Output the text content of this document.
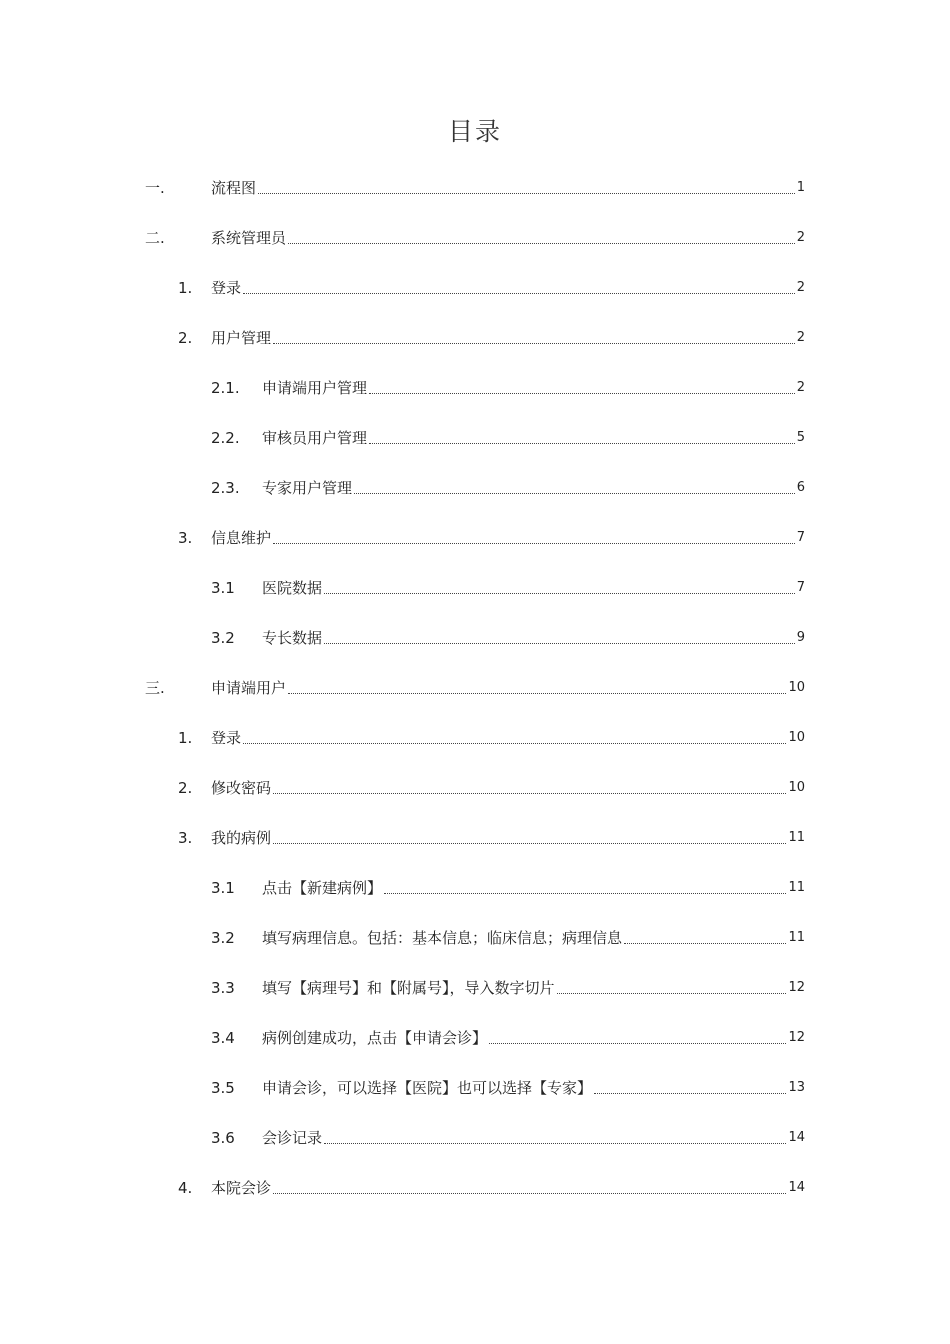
目录
一.	流程图	1
二.	系统管理员	2
1.	登录	2
2.	用户管理	2
2.1.	申请端用户管理	2
2.2.	审核员用户管理	5
2.3.	专家用户管理	6
3.	信息维护	7
3.1	医院数据	7
3.2	专长数据	9
三.	申请端用户	10
1.	登录	10
2.	修改密码	10
3.	我的病例	11
3.1	点击【新建病例】	11
3.2	填写病理信息。包括：基本信息；临床信息；病理信息	11
3.3	填写【病理号】和【附属号】，导入数字切片	12
3.4	病例创建成功，点击【申请会诊】	12
3.5	申请会诊，可以选择【医院】也可以选择【专家】	13
3.6	会诊记录	14
4.	本院会诊	14
